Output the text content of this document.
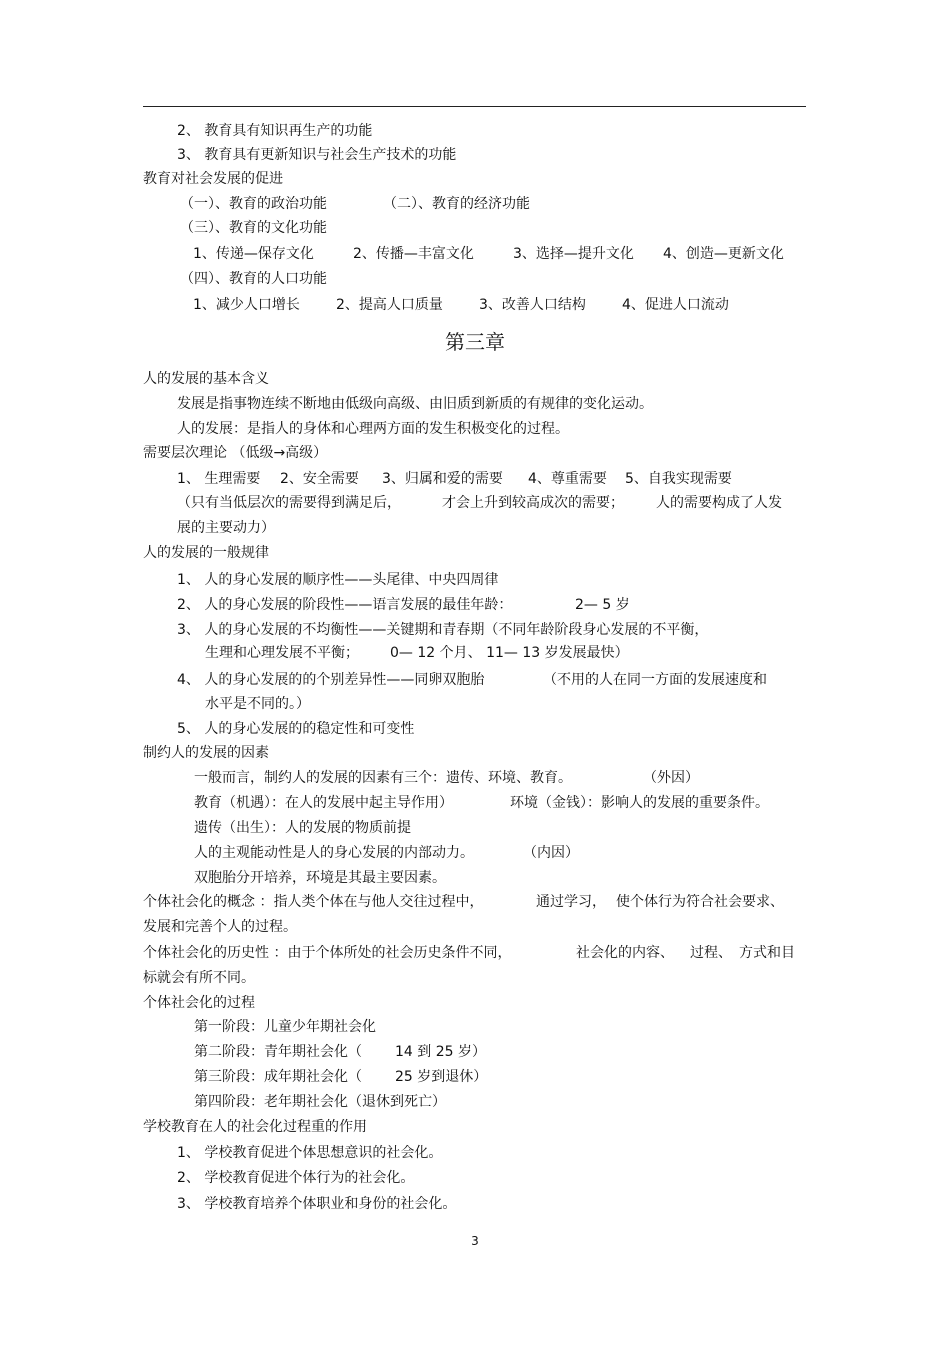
2、 教育具有知识再生产的功能
3、 教育具有更新知识与社会生产技术的功能
教育对社会发展的促进
（一）、教育的政治功能	（二）、教育的经济功能
（三）、教育的文化功能
1、传递—保存文化	2、传播—丰富文化	3、选择—提升文化 4、创造—更新文化
（四）、教育的人口功能
1、减少人口增长	2、提高人口质量	3、改善人口结构	4、促进人口流动
第三章
人的发展的基本含义
发展是指事物连续不断地由低级向高级、由旧质到新质的有规律的变化运动。
人的发展：是指人的身体和心理两方面的发生积极变化的过程。
需要层次理论 （低级→高级）
1、 生理需要 2、安全需要 3、归属和爱的需要 4、尊重需要 5、自我实现需要
（只有当低层次的需要得到满足后，	才会上升到较高成次的需要； 人的需要构成了人发
展的主要动力）
人的发展的一般规律
1、 人的身心发展的顺序性——头尾律、中央四周律
2、 人的身心发展的阶段性——语言发展的最佳年龄：	2— 5 岁
3、 人的身心发展的不均衡性——关键期和青春期（不同年龄阶段身心发展的不平衡，
生理和心理发展不平衡； 0— 12 个月、 11— 13 岁发展最快）
4、 人的身心发展的的个别差异性——同卵双胞胎	（不用的人在同一方面的发展速度和
水平是不同的。）
5、 人的身心发展的的稳定性和可变性
制约人的发展的因素
一般而言，制约人的发展的因素有三个：遗传、环境、教育。	（外因）
教育（机遇）：在人的发展中起主导作用）	环境（金钱）：影响人的发展的重要条件。
遗传（出生）：人的发展的物质前提
人的主观能动性是人的身心发展的内部动力。	（内因）
双胞胎分开培养，环境是其最主要因素。
个体社会化的概念 ：指人类个体在与他人交往过程中，	通过学习， 使个体行为符合社会要求、
发展和完善个人的过程。
个体社会化的历史性 ：由于个体所处的社会历史条件不同，	社会化的内容、 过程、 方式和目
标就会有所不同。
个体社会化的过程
第一阶段：儿童少年期社会化
第二阶段：青年期社会化（ 14 到 25 岁）
第三阶段：成年期社会化（ 25 岁到退休）
第四阶段：老年期社会化（退休到死亡）
学校教育在人的社会化过程重的作用
1、 学校教育促进个体思想意识的社会化。
2、 学校教育促进个体行为的社会化。
3、 学校教育培养个体职业和身份的社会化。
3
